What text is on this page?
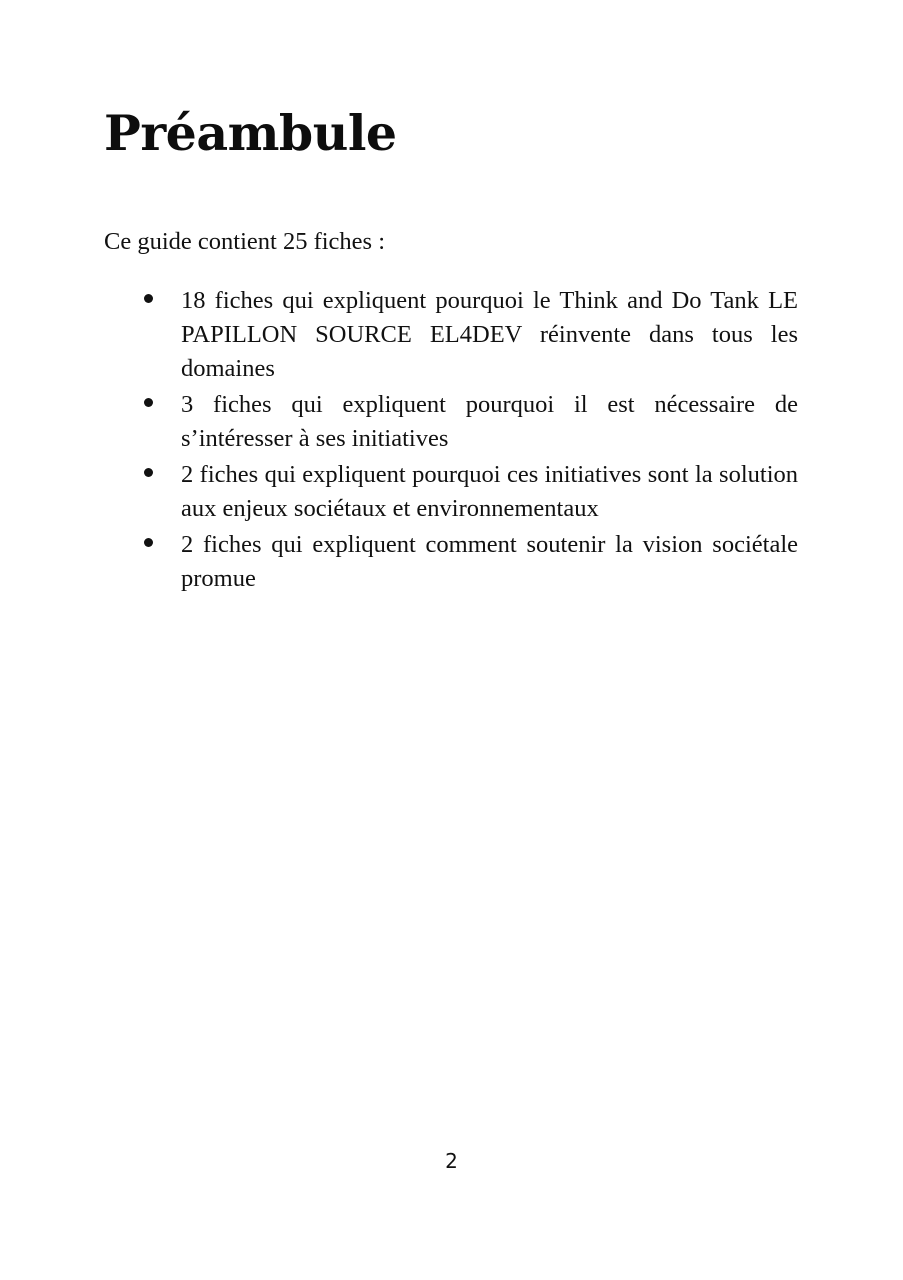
Préambule

Ce guide contient 25 fiches :

18 fiches qui expliquent pourquoi le Think and Do Tank LE PAPILLON SOURCE EL4DEV réinvente dans tous les domaines
3 fiches qui expliquent pourquoi il est nécessaire de s’intéresser à ses initiatives
2 fiches qui expliquent pourquoi ces initiatives sont la solution aux enjeux sociétaux et environnementaux
2 fiches qui expliquent comment soutenir la vision sociétale promue

2
